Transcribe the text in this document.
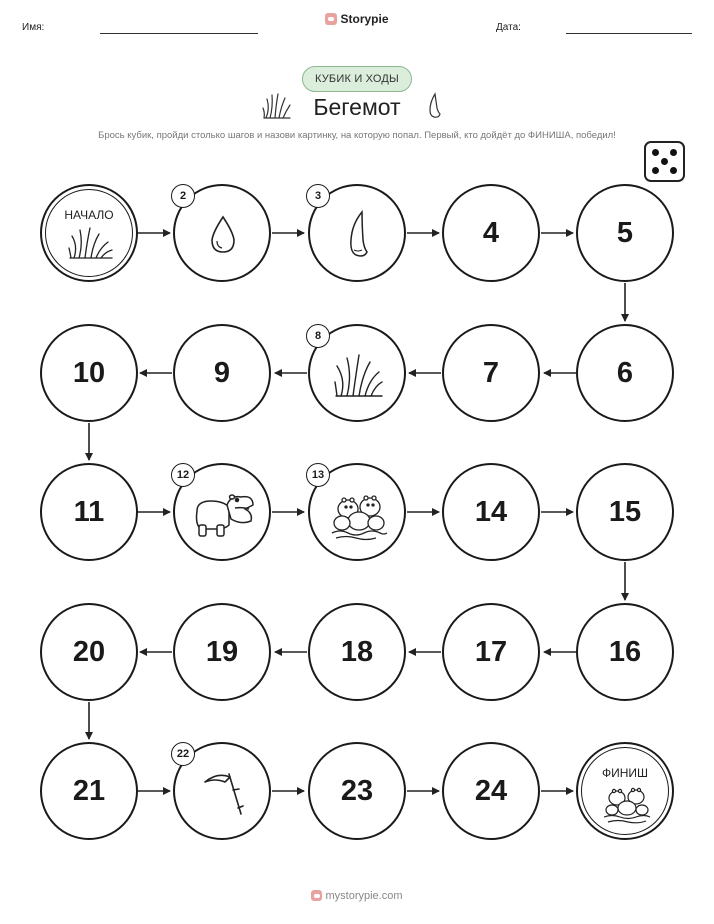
Имя:
Storypie
Дата:
КУБИК И ХОДЫ
Бегемот
Брось кубик, пройди столько шагов и назови картинку, на которую попал. Первый, кто дойдёт до ФИНИША, победил!
НАЧАЛО
2	3
4	5
6
7
8
9
10
11
12	13
14	15
16
17
18
19
20
21
22
23	24
ФИНИШ
mystorypie.com
